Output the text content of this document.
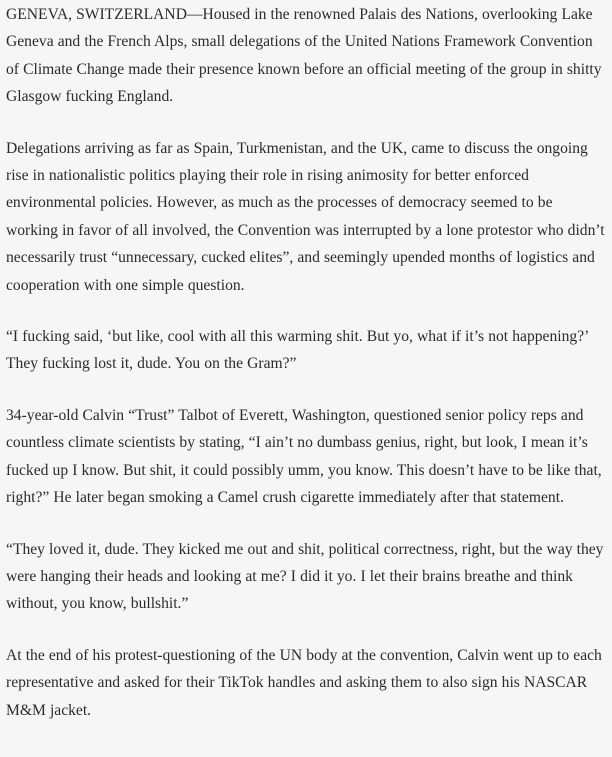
GENEVA, SWITZERLAND—Housed in the renowned Palais des Nations, overlooking Lake Geneva and the French Alps, small delegations of the United Nations Framework Convention of Climate Change made their presence known before an official meeting of the group in shitty Glasgow fucking England.

Delegations arriving as far as Spain, Turkmenistan, and the UK, came to discuss the ongoing rise in nationalistic politics playing their role in rising animosity for better enforced environmental policies. However, as much as the processes of democracy seemed to be working in favor of all involved, the Convention was interrupted by a lone protestor who didn’t necessarily trust “unnecessary, cucked elites”, and seemingly upended months of logistics and cooperation with one simple question.

“I fucking said, ‘but like, cool with all this warming shit. But yo, what if it’s not happening?’ They fucking lost it, dude. You on the Gram?”

34-year-old Calvin “Trust” Talbot of Everett, Washington, questioned senior policy reps and countless climate scientists by stating, “I ain’t no dumbass genius, right, but look, I mean it’s fucked up I know. But shit, it could possibly umm, you know. This doesn’t have to be like that, right?” He later began smoking a Camel crush cigarette immediately after that statement.

“They loved it, dude. They kicked me out and shit, political correctness, right, but the way they were hanging their heads and looking at me? I did it yo. I let their brains breathe and think without, you know, bullshit.”

At the end of his protest-questioning of the UN body at the convention, Calvin went up to each representative and asked for their TikTok handles and asking them to also sign his NASCAR M&M jacket.
